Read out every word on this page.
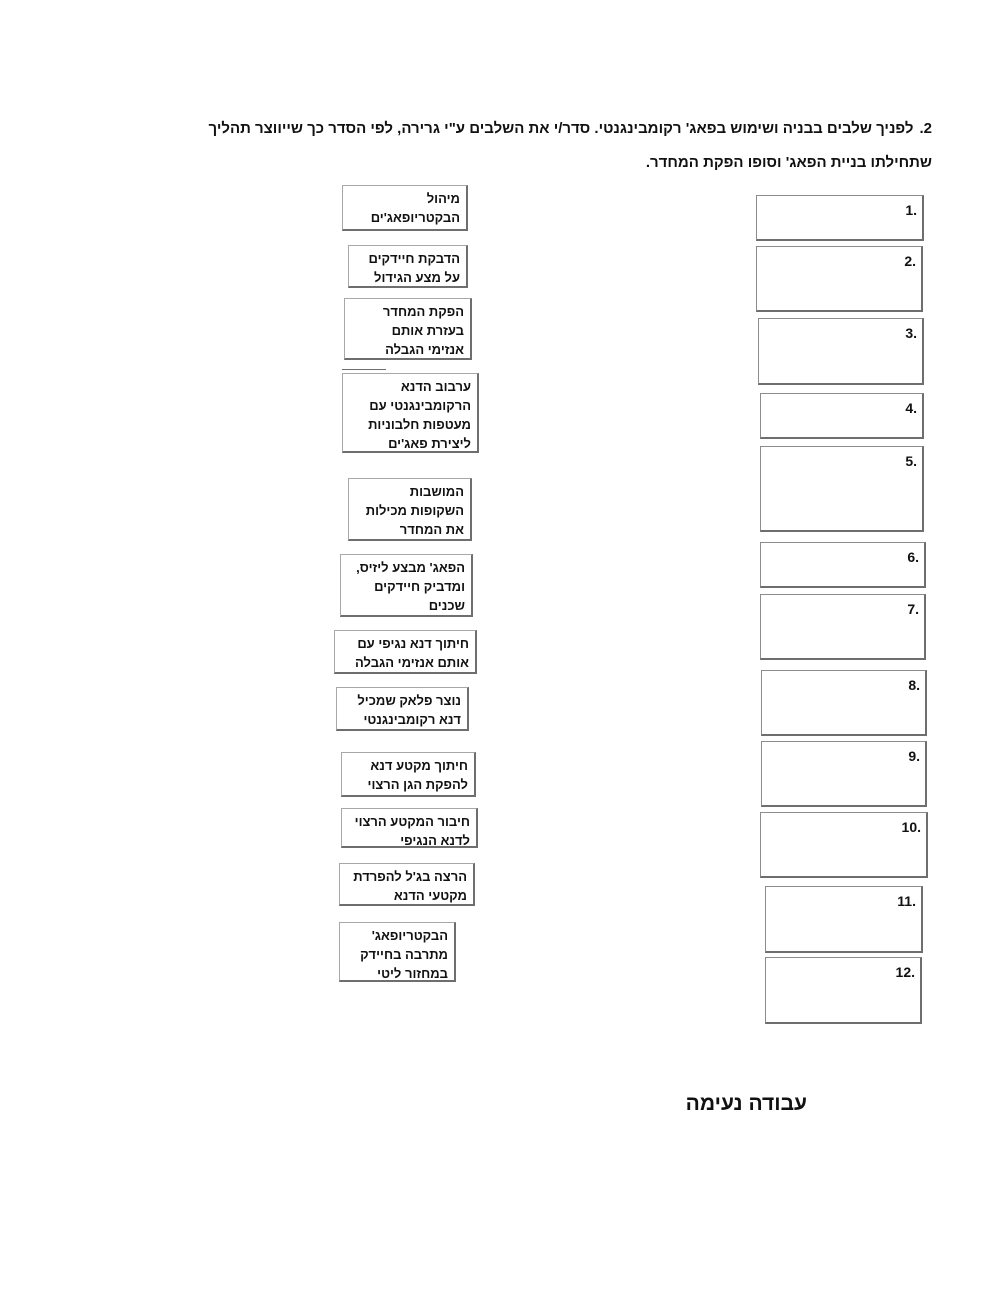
2.לפניך שלבים בבניה ושימוש בפאג' רקומבינגנטי. סדר/י את השלבים ע"י גרירה, לפי הסדר כך שייווצר תהליך
שתחילתו בניית הפאג' וסופו הפקת המחדר.
מיהול
הבקטריופאג'ים
הדבקת חיידקים
על מצע הגידול
הפקת המחדר
בעזרת אותם
אנזימי הגבלה
ערבוב הדנא
הרקומבינגנטי עם
מעטפות חלבוניות
ליצירת פאג'ים
המושבות
השקופות מכילות
את המחדר
הפאג' מבצע ליזיס,
ומדביק חיידקים
שכנים
חיתוך דנא נגיפי עם
אותם אנזימי הגבלה
נוצר פלאק שמכיל
דנא רקומבינגנטי
חיתוך מקטע דנא
להפקת הגן הרצוי
חיבור המקטע הרצוי
לדנא הנגיפי
הרצה בג'ל להפרדת
מקטעי הדנא
הבקטריופאג'
מתרבה בחיידק
במחזור ליטי
1.
2.
3.
4.
5.
6.
7.
8.
9.
10.
11.
12.
עבודה נעימה
